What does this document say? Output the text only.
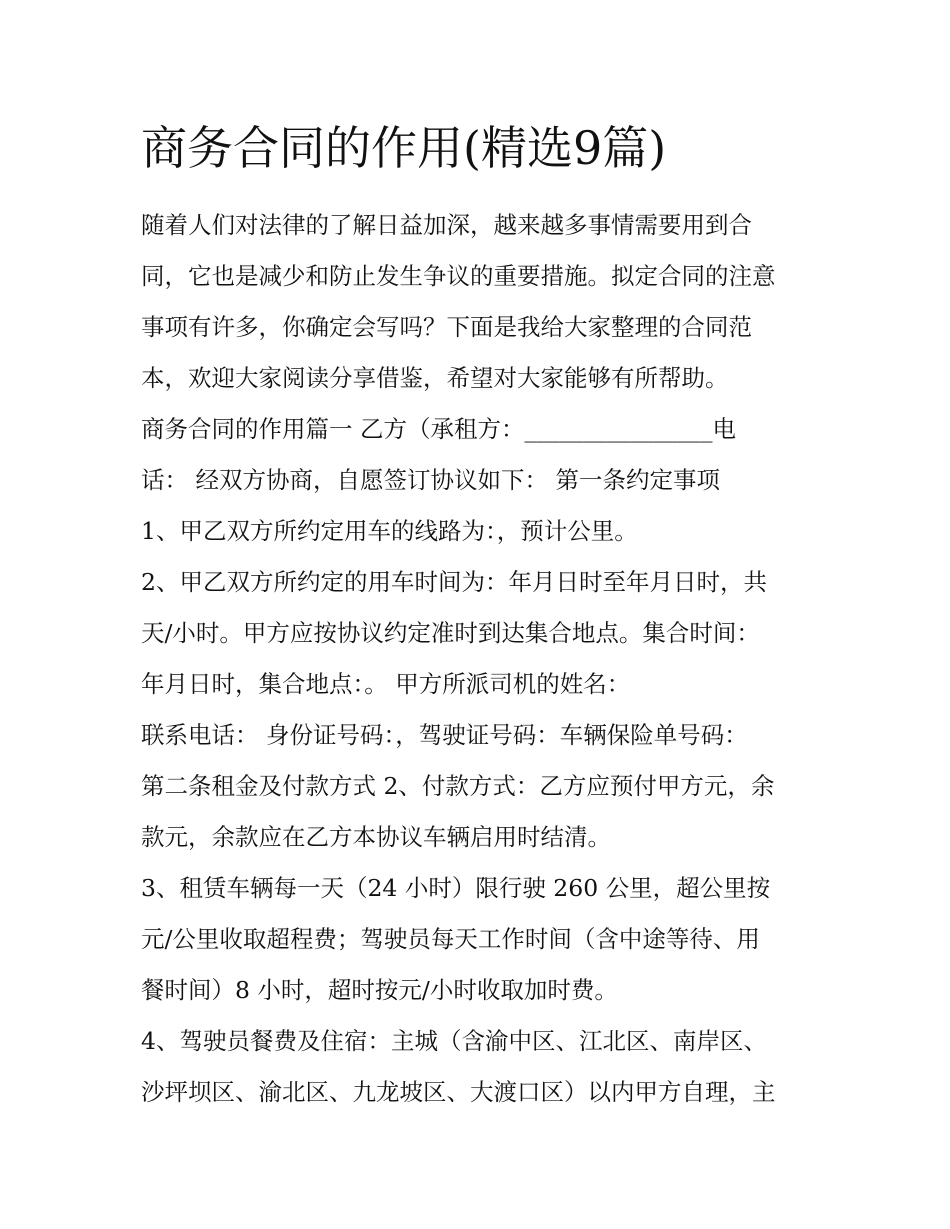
商务合同的作用(精选9篇)
随着人们对法律的了解日益加深，越来越多事情需要用到合
同，它也是减少和防止发生争议的重要措施。拟定合同的注意
事项有许多，你确定会写吗？下面是我给大家整理的合同范
本，欢迎大家阅读分享借鉴，希望对大家能够有所帮助。
商务合同的作用篇一 乙方（承租方：________________电
话： 经双方协商，自愿签订协议如下： 第一条约定事项
1、甲乙双方所约定用车的线路为：，预计公里。
2、甲乙双方所约定的用车时间为：年月日时至年月日时，共
天/小时。甲方应按协议约定准时到达集合地点。集合时间：
年月日时，集合地点：。 甲方所派司机的姓名：
联系电话： 身份证号码：，驾驶证号码：车辆保险单号码：
第二条租金及付款方式 2、付款方式：乙方应预付甲方元，余
款元，余款应在乙方本协议车辆启用时结清。
3、租赁车辆每一天（24 小时）限行驶 260 公里，超公里按
元/公里收取超程费；驾驶员每天工作时间（含中途等待、用
餐时间）8 小时，超时按元/小时收取加时费。
4、驾驶员餐费及住宿：主城（含渝中区、江北区、南岸区、
沙坪坝区、渝北区、九龙坡区、大渡口区）以内甲方自理，主
